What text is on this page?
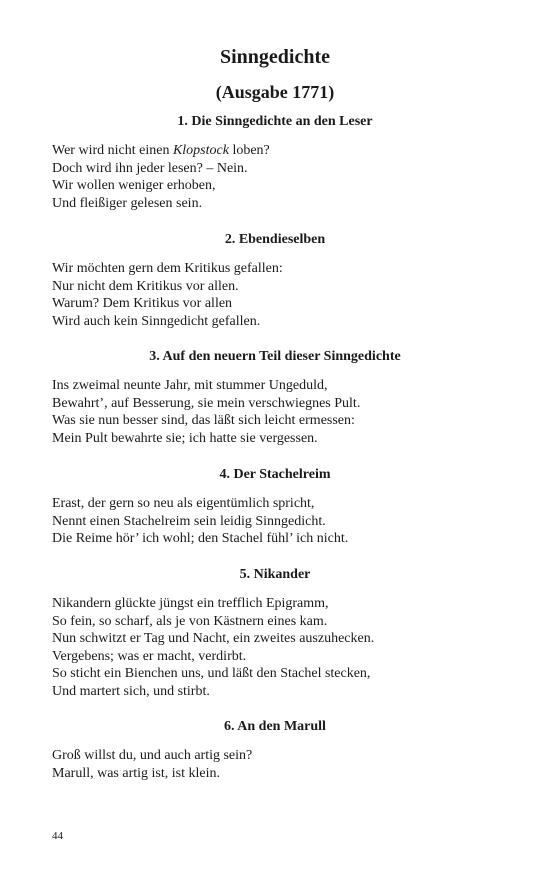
Sinngedichte
(Ausgabe 1771)
1. Die Sinngedichte an den Leser
Wer wird nicht einen Klopstock loben?
Doch wird ihn jeder lesen? – Nein.
Wir wollen weniger erhoben,
Und fleißiger gelesen sein.
2. Ebendieselben
Wir möchten gern dem Kritikus gefallen:
Nur nicht dem Kritikus vor allen.
Warum? Dem Kritikus vor allen
Wird auch kein Sinngedicht gefallen.
3. Auf den neuern Teil dieser Sinngedichte
Ins zweimal neunte Jahr, mit stummer Ungeduld,
Bewahrt’, auf Besserung, sie mein verschwiegnes Pult.
Was sie nun besser sind, das läßt sich leicht ermessen:
Mein Pult bewahrte sie; ich hatte sie vergessen.
4. Der Stachelreim
Erast, der gern so neu als eigentümlich spricht,
Nennt einen Stachelreim sein leidig Sinngedicht.
Die Reime hör’ ich wohl; den Stachel fühl’ ich nicht.
5. Nikander
Nikandern glückte jüngst ein trefflich Epigramm,
So fein, so scharf, als je von Kästnern eines kam.
Nun schwitzt er Tag und Nacht, ein zweites auszuhecken.
Vergebens; was er macht, verdirbt.
So sticht ein Bienchen uns, und läßt den Stachel stecken,
Und martert sich, und stirbt.
6. An den Marull
Groß willst du, und auch artig sein?
Marull, was artig ist, ist klein.
44
